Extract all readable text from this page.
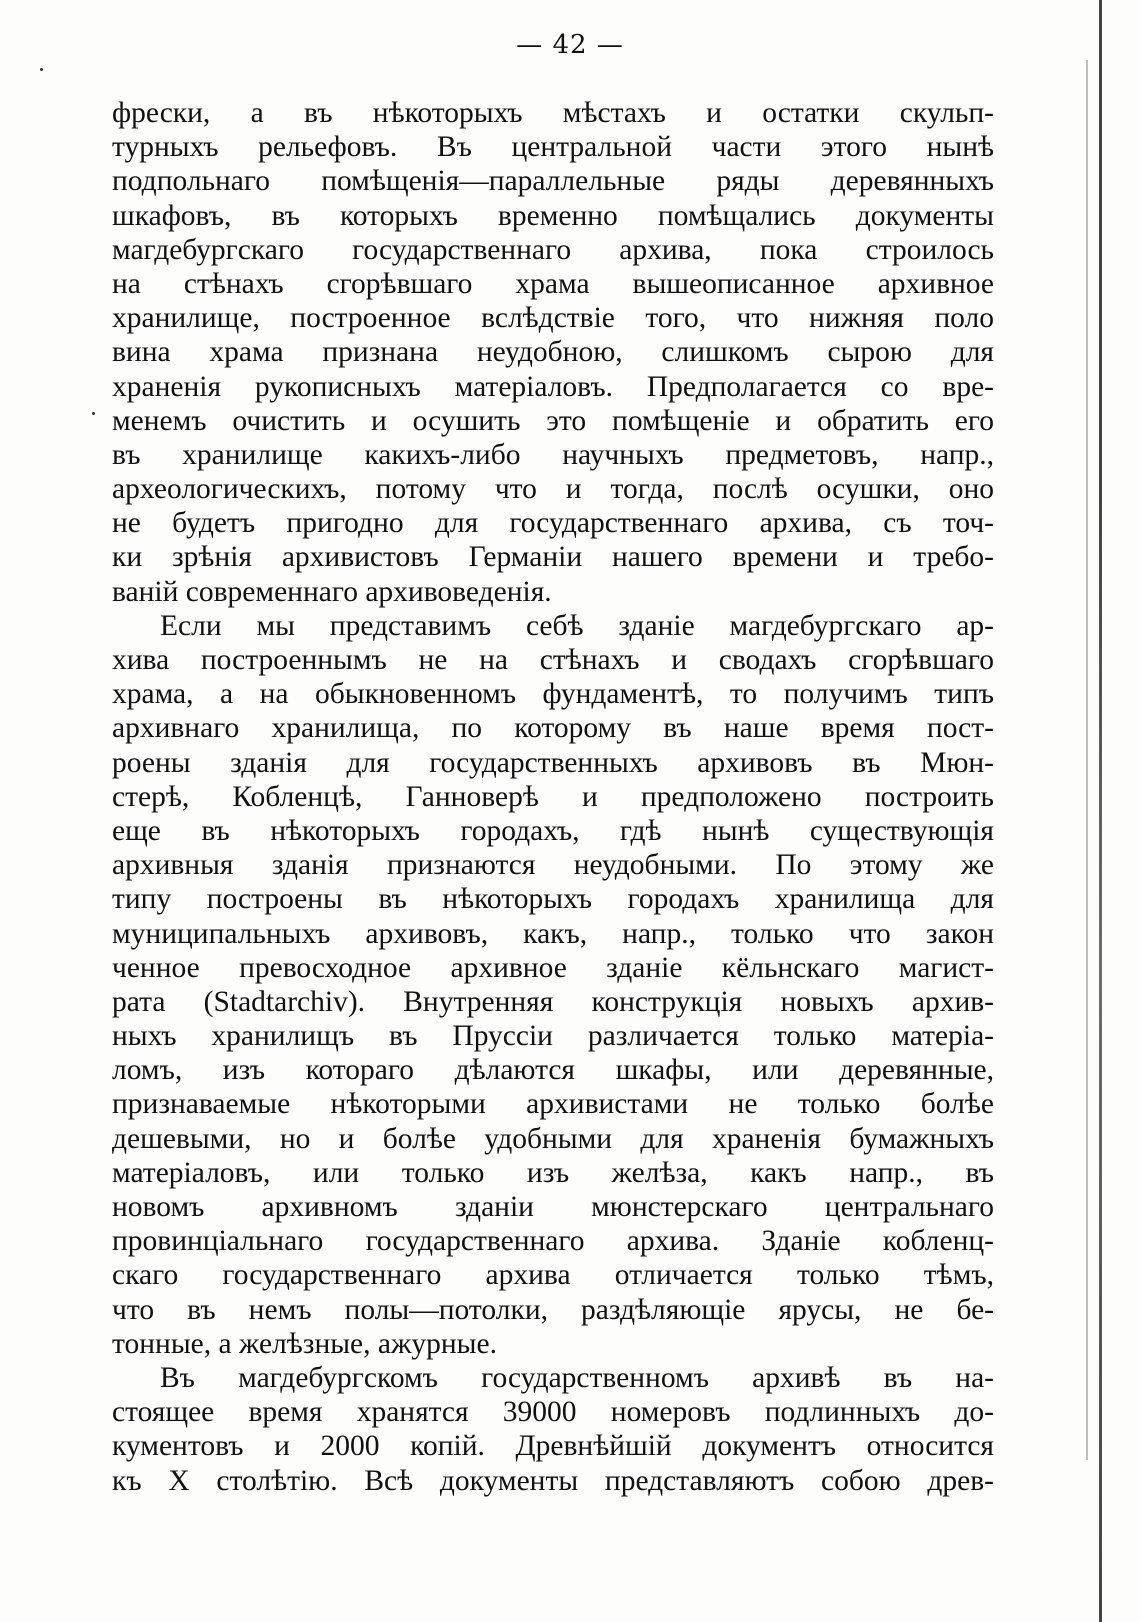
— 42 —
фрески, а въ нѣкоторыхъ мѣстахъ и остатки скульп-
турныхъ рельефовъ. Въ центральной части этого нынѣ
подпольнаго помѣщенія—параллельные ряды деревянныхъ
шкафовъ, въ которыхъ временно помѣщались документы
магдебургскаго государственнаго архива, пока строилось
на стѣнахъ сгорѣвшаго храма вышеописанное архивное
хранилище, построенное вслѣдствіе того, что нижняя поло
вина храма признана неудобною, слишкомъ сырою для
храненія рукописныхъ матеріаловъ. Предполагается со вре-
менемъ очистить и осушить это помѣщеніе и обратить его
въ хранилище какихъ-либо научныхъ предметовъ, напр.,
археологическихъ, потому что и тогда, послѣ осушки, оно
не будетъ пригодно для государственнаго архива, съ точ-
ки зрѣнія архивистовъ Германіи нашего времени и требо-
ваній современнаго архивоведенія.
Если мы представимъ себѣ зданіе магдебургскаго ар-
хива построеннымъ не на стѣнахъ и сводахъ сгорѣвшаго
храма, а на обыкновенномъ фундаментѣ, то получимъ типъ
архивнаго хранилища, по которому въ наше время пост-
роены зданія для государственныхъ архивовъ въ Мюн-
стерѣ, Кобленцѣ, Ганноверѣ и предположено построить
еще въ нѣкоторыхъ городахъ, гдѣ нынѣ существующія
архивныя зданія признаются неудобными. По этому же
типу построены въ нѣкоторыхъ городахъ хранилища для
муниципальныхъ архивовъ, какъ, напр., только что закон
ченное превосходное архивное зданіе кёльнскаго магист-
рата (Stadtarchiv). Внутренняя конструкція новыхъ архив-
ныхъ хранилищъ въ Пруссіи различается только матеріа-
ломъ, изъ котораго дѣлаются шкафы, или деревянные,
признаваемые нѣкоторыми архивистами не только болѣе
дешевыми, но и болѣе удобными для храненія бумажныхъ
матеріаловъ, или только изъ желѣза, какъ напр., въ
новомъ архивномъ зданіи мюнстерскаго центральнаго
провинціальнаго государственнаго архива. Зданіе кобленц-
скаго государственнаго архива отличается только тѣмъ,
что въ немъ полы—потолки, раздѣляющіе ярусы, не бе-
тонные, а желѣзные, ажурные.
Въ магдебургскомъ государственномъ архивѣ въ на-
стоящее время хранятся 39000 номеровъ подлинныхъ до-
кументовъ и 2000 копій. Древнѣйшій документъ относится
къ X столѣтію. Всѣ документы представляютъ собою древ-
